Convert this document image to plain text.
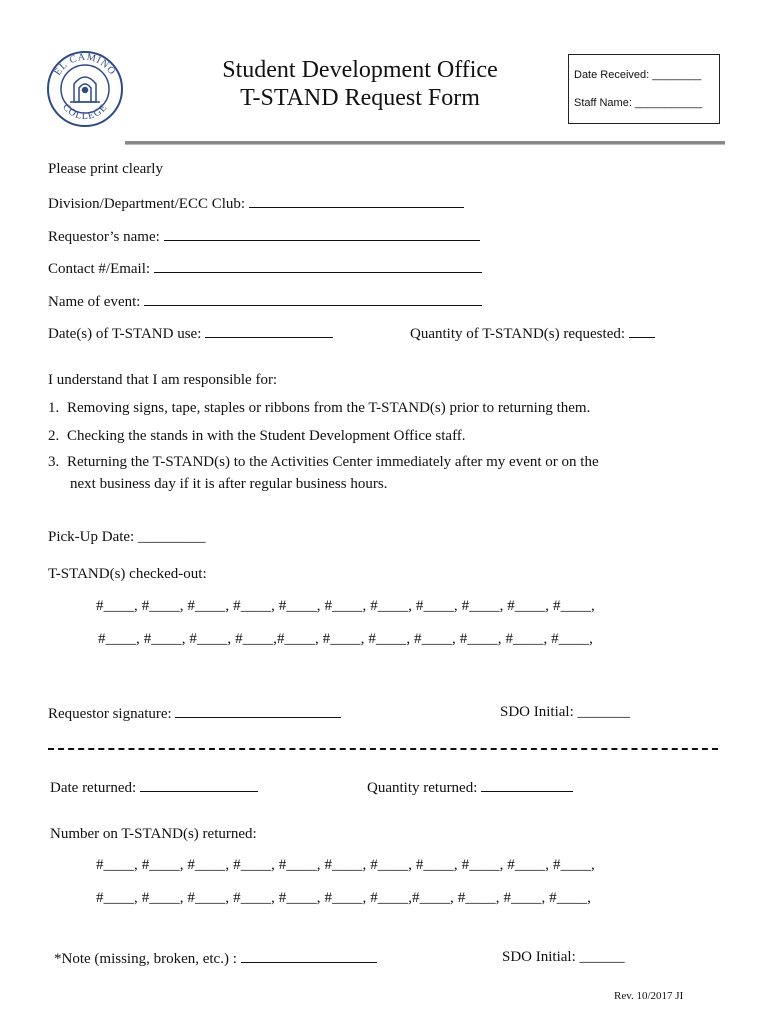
EL CAMINO
COLLEGE
Student Development Office
T-STAND Request Form
Date Received: ________
Staff Name: ___________
Please print clearly
Division/Department/ECC Club:
Requestor’s name:
Contact #/Email:
Name of event:
Date(s) of T-STAND use:	Quantity of T-STAND(s) requested:
I understand that I am responsible for:
1. Removing signs, tape, staples or ribbons from the T-STAND(s) prior to returning them.
2. Checking the stands in with the Student Development Office staff.
3. Returning the T-STAND(s) to the Activities Center immediately after my event or on the
next business day if it is after regular business hours.
Pick-Up Date: _________
T-STAND(s) checked-out:
#____, #____, #____, #____, #____, #____, #____, #____, #____, #____, #____,
#____, #____, #____, #____,#____, #____, #____, #____, #____, #____, #____,
Requestor signature:	SDO Initial: _______
Date returned:	Quantity returned:
Number on T-STAND(s) returned:
#____, #____, #____, #____, #____, #____, #____, #____, #____, #____, #____,
#____, #____, #____, #____, #____, #____, #____,#____, #____, #____, #____,
*Note (missing, broken, etc.) :	SDO Initial: ______
Rev. 10/2017 JI
